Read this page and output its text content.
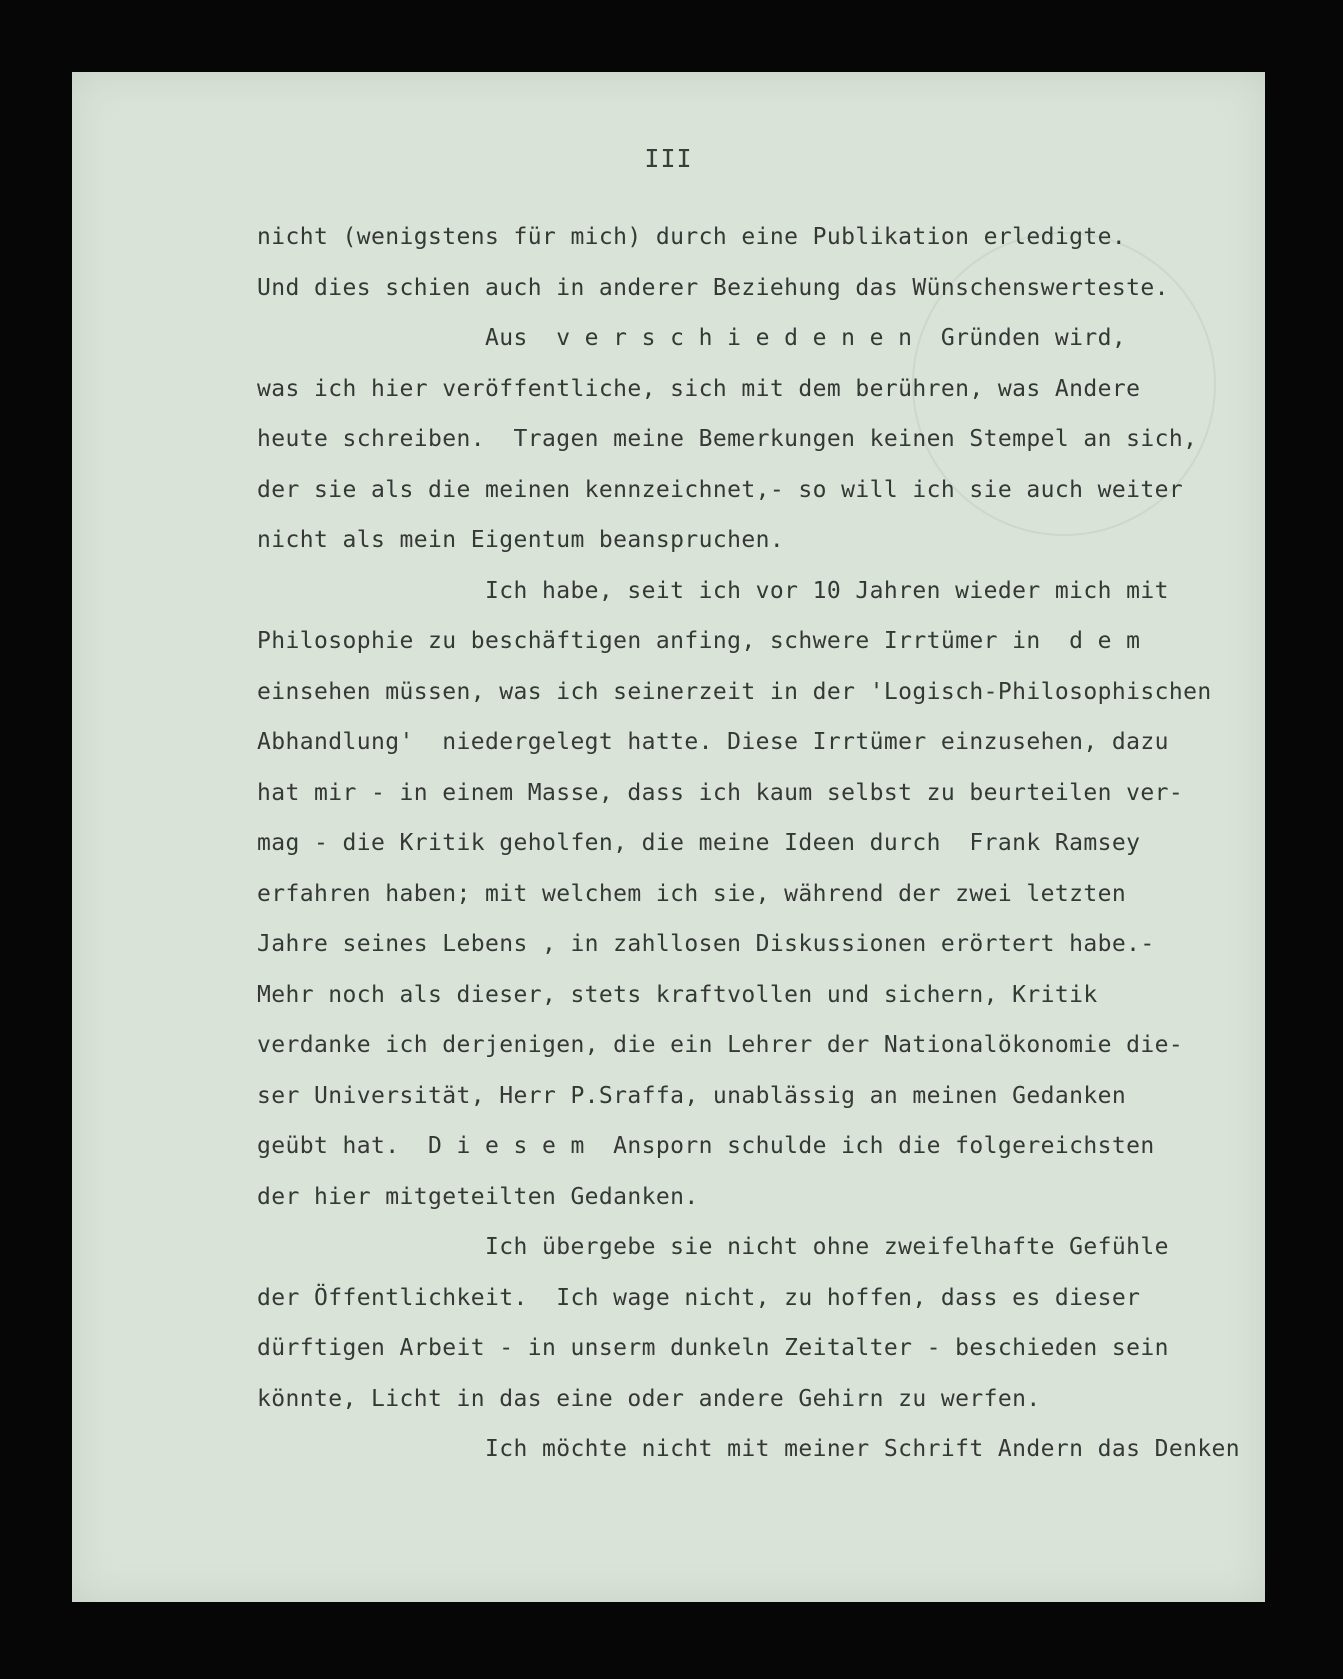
III
nicht (wenigstens für mich) durch eine Publikation erledigte.
Und dies schien auch in anderer Beziehung das Wünschenswerteste.
Aus  v e r s c h i e d e n e n  Gründen wird,
was ich hier veröffentliche, sich mit dem berühren, was Andere
heute schreiben.  Tragen meine Bemerkungen keinen Stempel an sich,
der sie als die meinen kennzeichnet,- so will ich sie auch weiter
nicht als mein Eigentum beanspruchen.
Ich habe, seit ich vor 10 Jahren wieder mich mit
Philosophie zu beschäftigen anfing, schwere Irrtümer in  d e m
einsehen müssen, was ich seinerzeit in der 'Logisch-Philosophischen
Abhandlung'  niedergelegt hatte. Diese Irrtümer einzusehen, dazu
hat mir - in einem Masse, dass ich kaum selbst zu beurteilen ver-
mag - die Kritik geholfen, die meine Ideen durch  Frank Ramsey
erfahren haben; mit welchem ich sie, während der zwei letzten
Jahre seines Lebens , in zahllosen Diskussionen erörtert habe.-
Mehr noch als dieser, stets kraftvollen und sichern, Kritik
verdanke ich derjenigen, die ein Lehrer der Nationalökonomie die-
ser Universität, Herr P.Sraffa, unablässig an meinen Gedanken
geübt hat.  D i e s e m  Ansporn schulde ich die folgereichsten
der hier mitgeteilten Gedanken.
Ich übergebe sie nicht ohne zweifelhafte Gefühle
der Öffentlichkeit.  Ich wage nicht, zu hoffen, dass es dieser
dürftigen Arbeit - in unserm dunkeln Zeitalter - beschieden sein
könnte, Licht in das eine oder andere Gehirn zu werfen.
Ich möchte nicht mit meiner Schrift Andern das Denken
